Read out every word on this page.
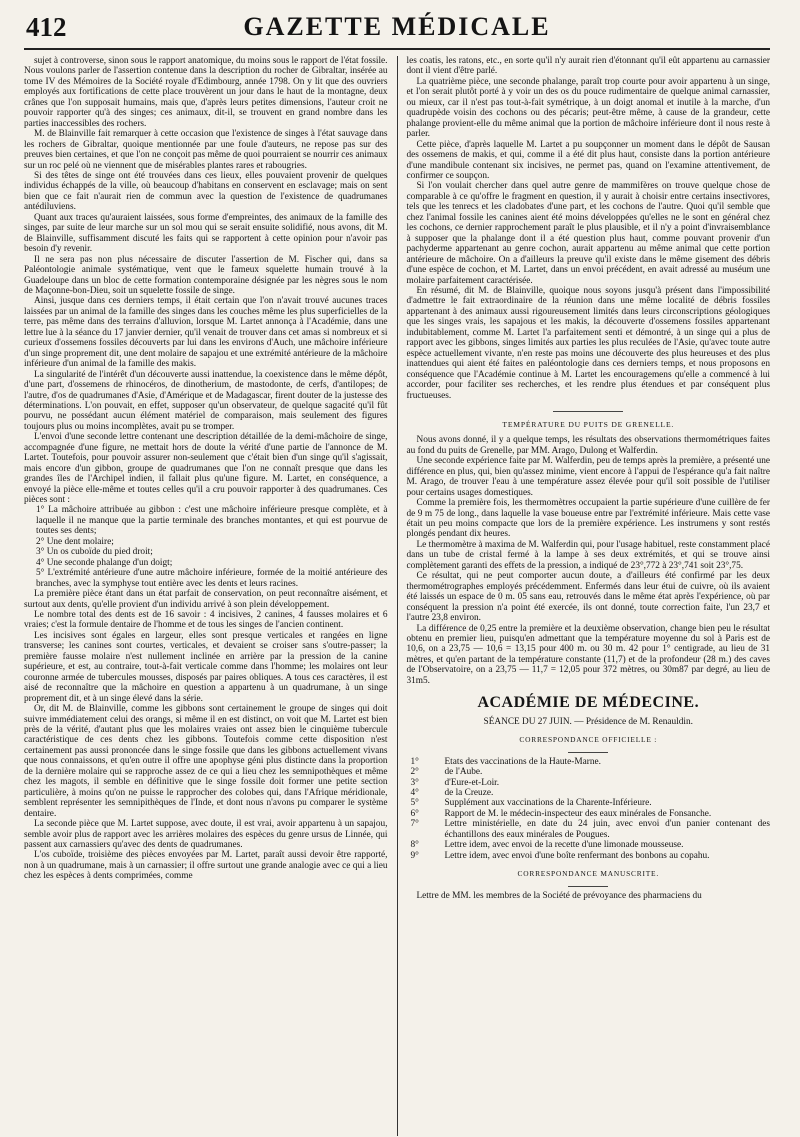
412	GAZETTE MÉDICALE

sujet à controverse, sinon sous le rapport anatomique, du moins sous le rapport de l'état fossile. Nous voulons parler de l'assertion contenue dans la description du rocher de Gibraltar, insérée au tome IV des Mémoires de la Société royale d'Edimbourg, année 1798. On y lit que des ouvriers employés aux fortifications de cette place trouvèrent un jour dans le haut de la montagne, deux crânes que l'on supposait humains, mais que, d'après leurs petites dimensions, l'auteur croit ne pouvoir rapporter qu'à des singes; ces animaux, dit-il, se trouvent en grand nombre dans les parties inaccessibles des rochers.

M. de Blainville fait remarquer à cette occasion que l'existence de singes à l'état sauvage dans les rochers de Gibraltar, quoique mentionnée par une foule d'auteurs, ne repose pas sur des preuves bien certaines, et que l'on ne conçoit pas même de quoi pourraient se nourrir ces animaux sur un roc pelé où ne viennent que de misérables plantes rares et rabougries.

Si des têtes de singe ont été trouvées dans ces lieux, elles pouvaient provenir de quelques individus échappés de la ville, où beaucoup d'habitans en conservent en esclavage; mais on sent bien que ce fait n'aurait rien de commun avec la question de l'existence de quadrumanes antédiluviens.

Quant aux traces qu'auraient laissées, sous forme d'empreintes, des animaux de la famille des singes, par suite de leur marche sur un sol mou qui se serait ensuite solidifié, nous avons, dit M. de Blainville, suffisamment discuté les faits qui se rapportent à cette opinion pour n'avoir pas besoin d'y revenir.

Il ne sera pas non plus nécessaire de discuter l'assertion de M. Fischer qui, dans sa Paléontologie animale systématique, vent que le fameux squelette humain trouvé à la Guadeloupe dans un bloc de cette formation contemporaine désignée par les nègres sous le nom de Maçonne-bon-Dieu, soit un squelette fossile de singe.

Ainsi, jusque dans ces derniers temps, il était certain que l'on n'avait trouvé aucunes traces laissées par un animal de la famille des singes dans les couches même les plus superficielles de la terre, pas même dans des terrains d'alluvion, lorsque M. Lartet annonça à l'Académie, dans une lettre lue à la séance du 17 janvier dernier, qu'il venait de trouver dans cet amas si nombreux et si curieux d'ossemens fossiles découverts par lui dans les environs d'Auch, une mâchoire inférieure d'un singe proprement dit, une dent molaire de sapajou et une extrémité antérieure de la mâchoire inférieure d'un animal de la famille des makis.

La singularité de l'intérêt d'un découverte aussi inattendue, la coexistence dans le même dépôt, d'une part, d'ossemens de rhinocéros, de dinotherium, de mastodonte, de cerfs, d'antilopes; de l'autre, d'os de quadrumanes d'Asie, d'Amérique et de Madagascar, firent douter de la justesse des déterminations. L'on pouvait, en effet, supposer qu'un observateur, de quelque sagacité qu'il fût pourvu, ne possédant aucun élément matériel de comparaison, mais seulement des figures toujours plus ou moins incomplètes, avait pu se tromper.

L'envoi d'une seconde lettre contenant une description détaillée de la demi-mâchoire de singe, accompagnée d'une figure, ne mettait hors de doute la vérité d'une partie de l'annonce de M. Lartet. Toutefois, pour pouvoir assurer non-seulement que c'était bien d'un singe qu'il s'agissait, mais encore d'un gibbon, groupe de quadrumanes que l'on ne connaît presque que dans les grandes îles de l'Archipel indien, il fallait plus qu'une figure. M. Lartet, en conséquence, a envoyé la pièce elle-même et toutes celles qu'il a cru pouvoir rapporter à des quadrumanes. Ces pièces sont :

1° La mâchoire attribuée au gibbon : c'est une mâchoire inférieure presque complète, et à laquelle il ne manque que la partie terminale des branches montantes, et qui est pourvue de toutes ses dents;

2° Une dent molaire;

3° Un os cuboïde du pied droit;

4° Une seconde phalange d'un doigt;

5° L'extrémité antérieure d'une autre mâchoire inférieure, formée de la moitié antérieure des branches, avec la symphyse tout entière avec les dents et leurs racines.

La première pièce étant dans un état parfait de conservation, on peut reconnaître aisément, et surtout aux dents, qu'elle provient d'un individu arrivé à son plein développement.

Le nombre total des dents est de 16 savoir : 4 incisives, 2 canines, 4 fausses molaires et 6 vraies; c'est la formule dentaire de l'homme et de tous les singes de l'ancien continent.

Les incisives sont égales en largeur, elles sont presque verticales et rangées en ligne transverse; les canines sont courtes, verticales, et devaient se croiser sans s'outre-passer; la première fausse molaire n'est nullement inclinée en arrière par la pression de la canine supérieure, et est, au contraire, tout-à-fait verticale comme dans l'homme; les molaires ont leur couronne armée de tubercules mousses, disposés par paires obliques. A tous ces caractères, il est aisé de reconnaître que la mâchoire en question a appartenu à un quadrumane, à un singe proprement dit, et à un singe élevé dans la série.

Or, dit M. de Blainville, comme les gibbons sont certainement le groupe de singes qui doit suivre immédiatement celui des orangs, si même il en est distinct, on voit que M. Lartet est bien près de la vérité, d'autant plus que les molaires vraies ont assez bien le cinquième tubercule caractéristique de ces dents chez les gibbons. Toutefois comme cette disposition n'est certainement pas aussi prononcée dans le singe fossile que dans les gibbons actuellement vivans que nous connaissons, et qu'en outre il offre une apophyse géni plus distincte dans la proportion de la dernière molaire qui se rapproche assez de ce qui a lieu chez les semnipothèques et même chez les magots, il semble en définitive que le singe fossile doit former une petite section particulière, à moins qu'on ne puisse le rapprocher des colobes qui, dans l'Afrique méridionale, semblent représenter les semnipithèques de l'Inde, et dont nous n'avons pu comparer le système dentaire.

La seconde pièce que M. Lartet suppose, avec doute, il est vrai, avoir appartenu à un sapajou, semble avoir plus de rapport avec les arrières molaires des espèces du genre ursus de Linnée, qui passent aux carnassiers qu'avec des dents de quadrumanes.

L'os cuboïde, troisième des pièces envoyées par M. Lartet, paraît aussi devoir être rapporté, non à un quadrumane, mais à un carnassier; il offre surtout une grande analogie avec ce qui a lieu chez les espèces à dents comprimées, comme

les coatis, les ratons, etc., en sorte qu'il n'y aurait rien d'étonnant qu'il eût appartenu au carnassier dont il vient d'être parlé.

La quatrième pièce, une seconde phalange, paraît trop courte pour avoir appartenu à un singe, et l'on serait plutôt porté à y voir un des os du pouce rudimentaire de quelque animal carnassier, ou mieux, car il n'est pas tout-à-fait symétrique, à un doigt anomal et inutile à la marche, d'un quadrupède voisin des cochons ou des pécaris; peut-être même, à cause de la grandeur, cette phalange provient-elle du même animal que la portion de mâchoire inférieure dont il nous reste à parler.

Cette pièce, d'après laquelle M. Lartet a pu soupçonner un moment dans le dépôt de Sausan des ossemens de makis, et qui, comme il a été dit plus haut, consiste dans la portion antérieure d'une mandibule contenant six incisives, ne permet pas, quand on l'examine attentivement, de confirmer ce soupçon.

Si l'on voulait chercher dans quel autre genre de mammifères on trouve quelque chose de comparable à ce qu'offre le fragment en question, il y aurait à choisir entre certains insectivores, tels que les tenrecs et les cladobates d'une part, et les cochons de l'autre. Quoi qu'il semble que chez l'animal fossile les canines aient été moins développées qu'elles ne le sont en général chez les cochons, ce dernier rapprochement paraît le plus plausible, et il n'y a point d'invraisemblance à supposer que la phalange dont il a été question plus haut, comme pouvant provenir d'un pachyderme appartenant au genre cochon, aurait appartenu au même animal que cette portion antérieure de mâchoire. On a d'ailleurs la preuve qu'il existe dans le même gisement des débris d'une espèce de cochon, et M. Lartet, dans un envoi précédent, en avait adressé au muséum une molaire parfaitement caractérisée.

En résumé, dit M. de Blainville, quoique nous soyons jusqu'à présent dans l'impossibilité d'admettre le fait extraordinaire de la réunion dans une même localité de débris fossiles appartenant à des animaux aussi rigoureusement limités dans leurs circonscriptions géologiques que les singes vrais, les sapajous et les makis, la découverte d'ossemens fossiles appartenant indubitablement, comme M. Lartet l'a parfaitement senti et démontré, à un singe qui a plus de rapport avec les gibbons, singes limités aux parties les plus reculées de l'Asie, qu'avec toute autre espèce actuellement vivante, n'en reste pas moins une découverte des plus heureuses et des plus inattendues qui aient été faites en paléontologie dans ces derniers temps, et nous proposons en conséquence que l'Académie continue à M. Lartet les encouragemens qu'elle a commencé à lui accorder, pour faciliter ses recherches, et les rendre plus étendues et par conséquent plus fructueuses.

TEMPÉRATURE DU PUITS DE GRENELLE.

Nous avons donné, il y a quelque temps, les résultats des observations thermométriques faites au fond du puits de Grenelle, par MM. Arago, Dulong et Walferdin.

Une seconde expérience faite par M. Walferdin, peu de temps après la première, a présenté une différence en plus, qui, bien qu'assez minime, vient encore à l'appui de l'espérance qu'a fait naître M. Arago, de trouver l'eau à une température assez élevée pour qu'il soit possible de l'utiliser pour certains usages domestiques.

Comme la première fois, les thermomètres occupaient la partie supérieure d'une cuillère de fer de 9 m 75 de long., dans laquelle la vase boueuse entre par l'extrémité inférieure. Mais cette vase était un peu moins compacte que lors de la première expérience. Les instrumens y sont restés plongés pendant dix heures.

Le thermomètre à maxima de M. Walferdin qui, pour l'usage habituel, reste constamment placé dans un tube de cristal fermé à la lampe à ses deux extrémités, et qui se trouve ainsi complètement garanti des effets de la pression, a indiqué de 23°,772 à 23°,741 soit 23°,75.

Ce résultat, qui ne peut comporter aucun doute, a d'ailleurs été confirmé par les deux thermométrographes employés précédemment. Enfermés dans leur étui de cuivre, où ils avaient été laissés un espace de 0 m. 05 sans eau, retrouvés dans le même état après l'expérience, où par conséquent la pression n'a point été exercée, ils ont donné, toute correction faite, l'un 23,7 et l'autre 23,8 environ.

La différence de 0,25 entre la première et la deuxième observation, change bien peu le résultat obtenu en premier lieu, puisqu'en admettant que la température moyenne du sol à Paris est de 10,6, on a 23,75 — 10,6 = 13,15 pour 400 m. ou 30 m. 42 pour 1° centigrade, au lieu de 31 mètres, et qu'en partant de la température constante (11,7) et de la profondeur (28 m.) des caves de l'Observatoire, on a 23,75 — 11,7 = 12,05 pour 372 mètres, ou 30m87 par degré, au lieu de 31m5.

ACADÉMIE DE MÉDECINE.
SÉANCE DU 27 JUIN. — Présidence de M. Renauldin.
CORRESPONDANCE OFFICIELLE :
1°	Etats des vaccinations de la Haute-Marne.
2°	de l'Aube.
3°	d'Eure-et-Loir.
4°	de la Creuze.
5°	Supplément aux vaccinations de la Charente-Inférieure.
6°	Rapport de M. le médecin-inspecteur des eaux minérales de Fonsanche.
7°	Lettre ministérielle, en date du 24 juin, avec envoi d'un panier contenant des échantillons des eaux minérales de Pougues.
8°	Lettre idem, avec envoi de la recette d'une limonade mousseuse.
9°	Lettre idem, avec envoi d'une boîte renfermant des bonbons au copahu.
CORRESPONDANCE MANUSCRITE.

Lettre de MM. les membres de la Société de prévoyance des pharmaciens du
